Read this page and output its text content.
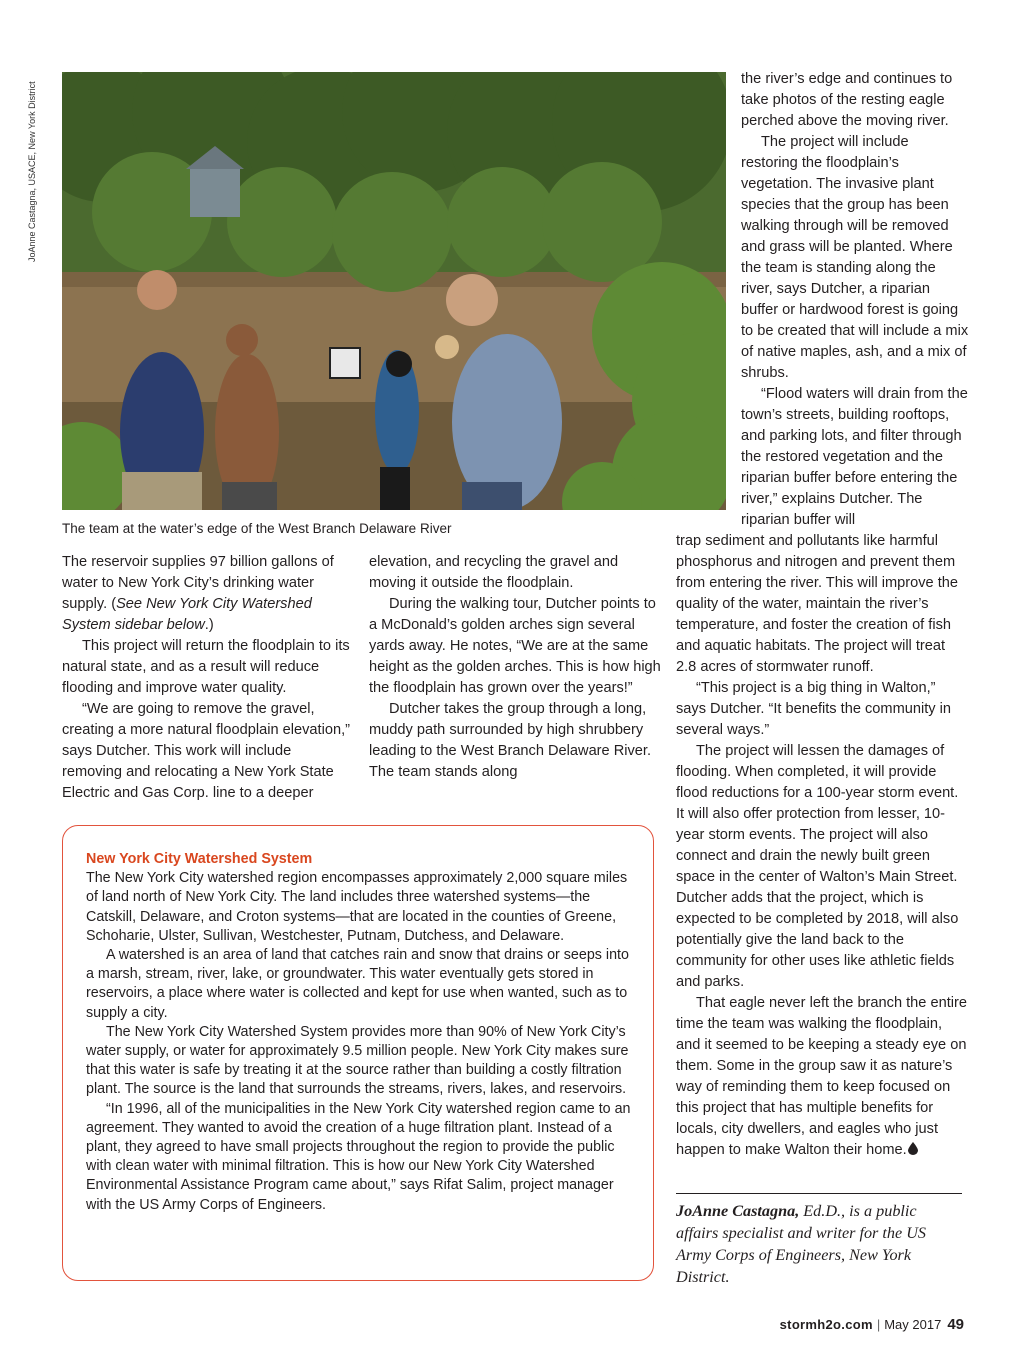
JoAnne Castagna, USACE, New York District
The team at the water’s edge of the West Branch Delaware River

The reservoir supplies 97 billion gallons of water to New York City’s drinking water supply. (See New York City Watershed System sidebar below.)

This project will return the floodplain to its natural state, and as a result will reduce flooding and improve water quality.

“We are going to remove the gravel, creating a more natural floodplain elevation,” says Dutcher. This work will include removing and relocating a New York State Electric and Gas Corp. line to a deeper

elevation, and recycling the gravel and moving it outside the floodplain.

During the walking tour, Dutcher points to a McDonald’s golden arches sign several yards away. He notes, “We are at the same height as the golden arches. This is how high the floodplain has grown over the years!”

Dutcher takes the group through a long, muddy path surrounded by high shrubbery leading to the West Branch Delaware River. The team stands along

the river’s edge and continues to take photos of the resting eagle perched above the moving river.

The project will include restoring the floodplain’s vegetation. The invasive plant species that the group has been walking through will be removed and grass will be planted. Where the team is standing along the river, says Dutcher, a riparian buffer or hardwood forest is going to be created that will include a mix of native maples, ash, and a mix of shrubs.

“Flood waters will drain from the town’s streets, building rooftops, and parking lots, and filter through the restored vegetation and the riparian buffer before entering the river,” explains Dutcher. The riparian buffer will

trap sediment and pollutants like harmful phosphorus and nitrogen and prevent them from entering the river. This will improve the quality of the water, maintain the river’s temperature, and foster the creation of fish and aquatic habitats. The project will treat 2.8 acres of stormwater runoff.

“This project is a big thing in Walton,” says Dutcher. “It benefits the community in several ways.”

The project will lessen the damages of flooding. When completed, it will provide flood reductions for a 100-year storm event. It will also offer protection from lesser, 10-year storm events. The project will also connect and drain the newly built green space in the center of Walton’s Main Street. Dutcher adds that the project, which is expected to be completed by 2018, will also potentially give the land back to the community for other uses like athletic fields and parks.

That eagle never left the branch the entire time the team was walking the floodplain, and it seemed to be keeping a steady eye on them. Some in the group saw it as nature’s way of reminding them to keep focused on this project that has multiple benefits for locals, city dwellers, and eagles who just happen to make Walton their home.

New York City Watershed System

The New York City watershed region encompasses approximately 2,000 square miles of land north of New York City. The land includes three watershed systems—the Catskill, Delaware, and Croton systems—that are located in the counties of Greene, Schoharie, Ulster, Sullivan, Westchester, Putnam, Dutchess, and Delaware.

A watershed is an area of land that catches rain and snow that drains or seeps into a marsh, stream, river, lake, or groundwater. This water eventually gets stored in reservoirs, a place where water is collected and kept for use when wanted, such as to supply a city.

The New York City Watershed System provides more than 90% of New York City’s water supply, or water for approximately 9.5 million people. New York City makes sure that this water is safe by treating it at the source rather than building a costly filtration plant. The source is the land that surrounds the streams, rivers, lakes, and reservoirs.

“In 1996, all of the municipalities in the New York City watershed region came to an agreement. They wanted to avoid the creation of a huge filtration plant. Instead of a plant, they agreed to have small projects throughout the region to provide the public with clean water with minimal filtration. This is how our New York City Watershed Environmental Assistance Program came about,” says Rifat Salim, project manager with the US Army Corps of Engineers.	JoAnne Castagna, Ed.D., is a public affairs specialist and writer for the US Army Corps of Engineers, New York District.

stormh2o.com | May 2017 49
